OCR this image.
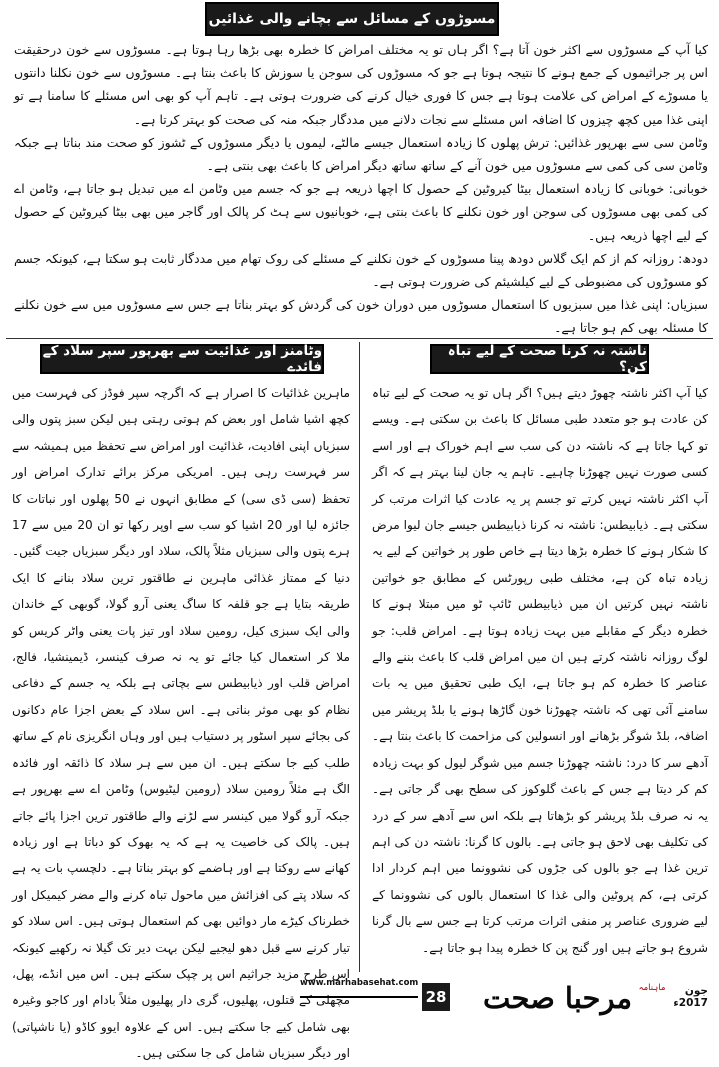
مسوڑوں کے مسائل سے بچانے والی غذائیں

کیا آپ کے مسوڑوں سے اکثر خون آتا ہے؟ اگر ہاں تو یہ مختلف امراض کا خطرہ بھی بڑھا رہا ہوتا ہے۔ مسوڑوں سے خون درحقیقت اس پر جراثیموں کے جمع ہونے کا نتیجہ ہوتا ہے جو کہ مسوڑوں کی سوجن یا سوزش کا باعث بنتا ہے۔ مسوڑوں سے خون نکلنا دانتوں یا مسوڑے کے امراض کی علامت ہوتا ہے جس کا فوری خیال کرنے کی ضرورت ہوتی ہے۔ تاہم آپ کو بھی اس مسئلے کا سامنا ہے تو اپنی غذا میں کچھ چیزوں کا اضافہ اس مسئلے سے نجات دلانے میں مددگار جبکہ منہ کی صحت کو بہتر کرتا ہے۔

وٹامن سی سے بھرپور غذائیں: ترش پھلوں کا زیادہ استعمال جیسے مالٹے، لیموں یا دیگر مسوڑوں کے ٹشوز کو صحت مند بناتا ہے جبکہ وٹامن سی کی کمی سے مسوڑوں میں خون آنے کے ساتھ ساتھ دیگر امراض کا باعث بھی بنتی ہے۔

خوبانی: خوبانی کا زیادہ استعمال بیٹا کیروٹین کے حصول کا اچھا ذریعہ ہے جو کہ جسم میں وٹامن اے میں تبدیل ہو جاتا ہے، وٹامن اے کی کمی بھی مسوڑوں کی سوجن اور خون نکلنے کا باعث بنتی ہے، خوبانیوں سے ہٹ کر پالک اور گاجر میں بھی بیٹا کیروٹین کے حصول کے لیے اچھا ذریعہ ہیں۔

دودھ: روزانہ کم از کم ایک گلاس دودھ پینا مسوڑوں کے خون نکلنے کے مسئلے کی روک تھام میں مددگار ثابت ہو سکتا ہے، کیونکہ جسم کو مسوڑوں کی مضبوطی کے لیے کیلشیئم کی ضرورت ہوتی ہے۔

سبزیاں: اپنی غذا میں سبزیوں کا استعمال مسوڑوں میں دوران خون کی گردش کو بہتر بناتا ہے جس سے مسوڑوں میں سے خون نکلنے کا مسئلہ بھی کم ہو جاتا ہے۔

ناشتہ نہ کرنا صحت کے لیے تباہ کن؟

کیا آپ اکثر ناشتہ چھوڑ دیتے ہیں؟ اگر ہاں تو یہ صحت کے لیے تباہ کن عادت ہو جو متعدد طبی مسائل کا باعث بن سکتی ہے۔ ویسے تو کہا جاتا ہے کہ ناشتہ دن کی سب سے اہم خوراک ہے اور اسے کسی صورت نہیں چھوڑنا چاہیے۔ تاہم یہ جان لینا بہتر ہے کہ اگر آپ اکثر ناشتہ نہیں کرتے تو جسم پر یہ عادت کیا اثرات مرتب کر سکتی ہے۔ ذیابیطس: ناشتہ نہ کرنا ذیابیطس جیسے جان لیوا مرض کا شکار ہونے کا خطرہ بڑھا دیتا ہے خاص طور پر خواتین کے لیے یہ زیادہ تباہ کن ہے، مختلف طبی رپورٹس کے مطابق جو خواتین ناشتہ نہیں کرتیں ان میں ذیابیطس ٹائپ ٹو میں مبتلا ہونے کا خطرہ دیگر کے مقابلے میں بہت زیادہ ہوتا ہے۔ امراض قلب: جو لوگ روزانہ ناشتہ کرتے ہیں ان میں امراض قلب کا باعث بننے والے عناصر کا خطرہ کم ہو جاتا ہے، ایک طبی تحقیق میں یہ بات سامنے آئی تھی کہ ناشتہ چھوڑنا خون گاڑھا ہونے یا بلڈ پریشر میں اضافہ، بلڈ شوگر بڑھانے اور انسولین کی مزاحمت کا باعث بنتا ہے۔ آدھے سر کا درد: ناشتہ چھوڑنا جسم میں شوگر لیول کو بہت زیادہ کم کر دیتا ہے جس کے باعث گلوکوز کی سطح بھی گر جاتی ہے۔ یہ نہ صرف بلڈ پریشر کو بڑھاتا ہے بلکہ اس سے آدھے سر کے درد کی تکلیف بھی لاحق ہو جاتی ہے۔ بالوں کا گرنا: ناشتہ دن کی اہم ترین غذا ہے جو بالوں کی جڑوں کی نشوونما میں اہم کردار ادا کرتی ہے، کم پروٹین والی غذا کا استعمال بالوں کی نشوونما کے لیے ضروری عناصر پر منفی اثرات مرتب کرتا ہے جس سے بال گرنا شروع ہو جاتے ہیں اور گنج پن کا خطرہ پیدا ہو جاتا ہے۔

وٹامنز اور غذائیت سے بھرپور سپر سلاد کے فائدے

ماہرین غذائیات کا اصرار ہے کہ اگرچہ سپر فوڈز کی فہرست میں کچھ اشیا شامل اور بعض کم ہوتی رہتی ہیں لیکن سبز پتوں والی سبزیاں اپنی افادیت، غذائیت اور امراض سے تحفظ میں ہمیشہ سے سر فہرست رہی ہیں۔ امریکی مرکز برائے تدارک امراض اور تحفظ (سی ڈی سی) کے مطابق انہوں نے 50 پھلوں اور نباتات کا جائزہ لیا اور 20 اشیا کو سب سے اوپر رکھا تو ان 20 میں سے 17 ہرے پتوں والی سبزیاں مثلاً پالک، سلاد اور دیگر سبزیاں جیت گئیں۔ دنیا کے ممتاز غذائی ماہرین نے طاقتور ترین سلاد بنانے کا ایک طریقہ بتایا ہے جو قلفہ کا ساگ یعنی آرو گولا، گوبھی کے خاندان والی ایک سبزی کیل، رومین سلاد اور تیز پات یعنی واٹر کریس کو ملا کر استعمال کیا جائے تو یہ نہ صرف کینسر، ڈیمینشیا، فالج، امراض قلب اور ذیابیطس سے بچاتی ہے بلکہ یہ جسم کے دفاعی نظام کو بھی موثر بناتی ہے۔ اس سلاد کے بعض اجزا عام دکانوں کی بجائے سپر اسٹور پر دستیاب ہیں اور وہاں انگریزی نام کے ساتھ طلب کیے جا سکتے ہیں۔ ان میں سے ہر سلاد کا ذائقہ اور فائدہ الگ ہے مثلاً رومین سلاد (رومین لیٹیوس) وٹامن اے سے بھرپور ہے جبکہ آرو گولا میں کینسر سے لڑنے والے طاقتور ترین اجزا پائے جاتے ہیں۔ پالک کی خاصیت یہ ہے کہ یہ بھوک کو دباتا ہے اور زیادہ کھانے سے روکتا ہے اور ہاضمے کو بہتر بناتا ہے۔ دلچسپ بات یہ ہے کہ سلاد پتے کی افزائش میں ماحول تباہ کرنے والے مضر کیمیکل اور خطرناک کیڑے مار دوائیں بھی کم استعمال ہوتی ہیں۔ اس سلاد کو تیار کرنے سے قبل دھو لیجیے لیکن بہت دیر تک گیلا نہ رکھیے کیونکہ اس طرح مزید جراثیم اس پر چپک سکتے ہیں۔ اس میں انڈے، پھل، مچھلی کے قتلوں، پھلیوں، گری دار پھلیوں مثلاً بادام اور کاجو وغیرہ بھی شامل کیے جا سکتے ہیں۔ اس کے علاوہ ایوو کاڈو (یا ناشپاتی) اور دیگر سبزیاں شامل کی جا سکتی ہیں۔

www.marhabasehat.com
28	مرحبا صحت ماہنامہ	جون 2017ء
